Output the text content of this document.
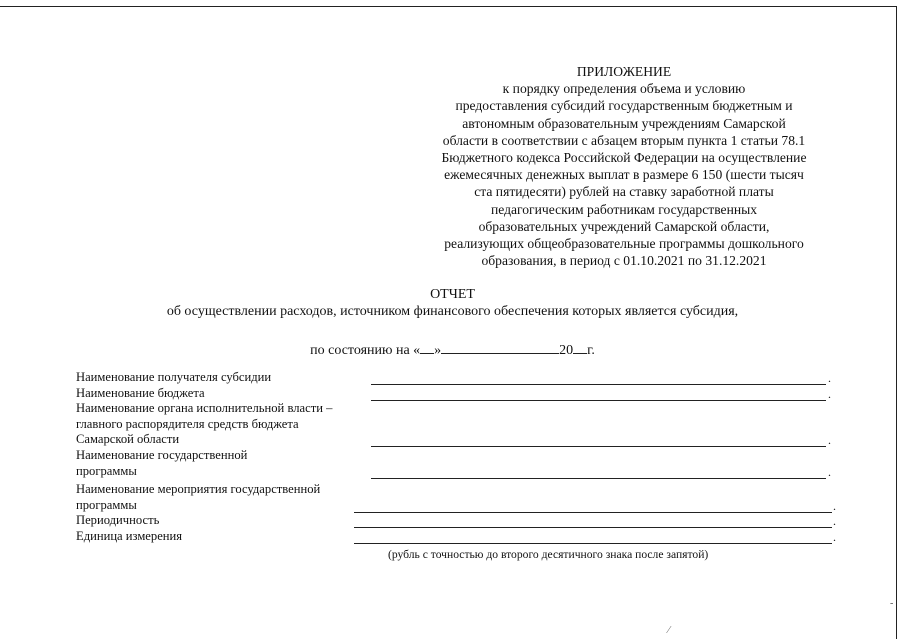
ПРИЛОЖЕНИЕ
к порядку определения объема и условию
предоставления субсидий государственным бюджетным и
автономным образовательным учреждениям Самарской
области в соответствии с абзацем вторым пункта 1 статьи 78.1
Бюджетного кодекса Российской Федерации на осуществление
ежемесячных денежных выплат в размере 6 150 (шести тысяч
ста пятидесяти) рублей на ставку заработной платы
педагогическим работникам государственных
образовательных учреждений Самарской области,
реализующих общеобразовательные программы дошкольного
образования, в период с 01.10.2021 по 31.12.2021
ОТЧЕТ
об осуществлении расходов, источником финансового обеспечения которых является субсидия,
по состоянию на « »	20 г.
Наименование получателя субсидии	.
Наименование бюджета	.
Наименование органа исполнительной власти –
главного распорядителя средств бюджета
Самарской области	.
Наименование государственной
программы	.
Наименование мероприятия государственной
программы	.
Периодичность	.
Единица измерения	.
(рубль с точностью до второго десятичного знака после запятой)
-
⁄
